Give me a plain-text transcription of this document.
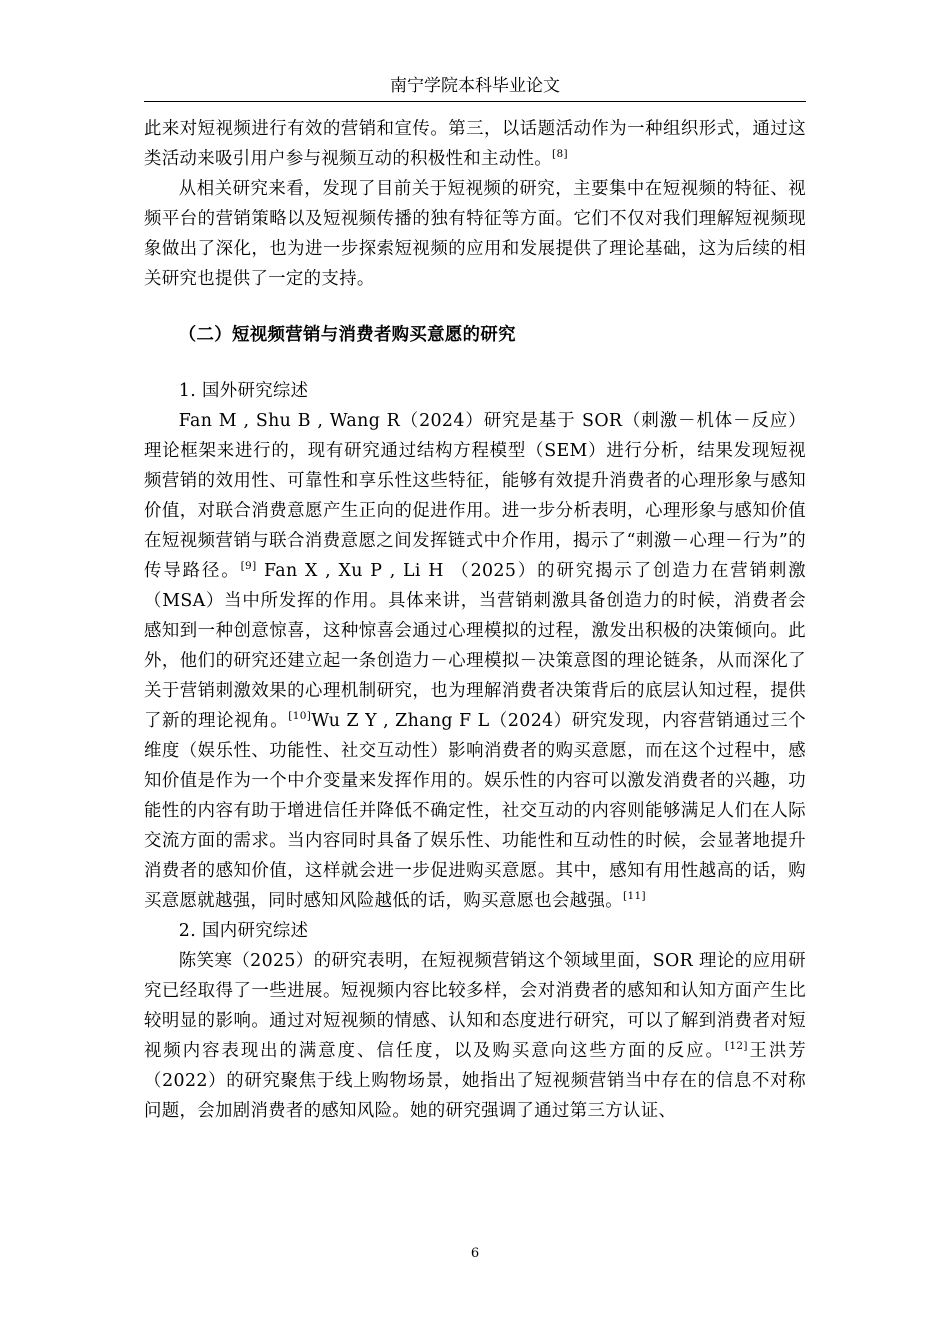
南宁学院本科毕业论文

此来对短视频进行有效的营销和宣传。第三，以话题活动作为一种组织形式，通过这类活动来吸引用户参与视频互动的积极性和主动性。[8]

从相关研究来看，发现了目前关于短视频的研究，主要集中在短视频的特征、视频平台的营销策略以及短视频传播的独有特征等方面。它们不仅对我们理解短视频现象做出了深化，也为进一步探索短视频的应用和发展提供了理论基础，这为后续的相关研究也提供了一定的支持。

（二）短视频营销与消费者购买意愿的研究

1. 国外研究综述

Fan M , Shu B , Wang R（2024）研究是基于 SOR（刺激－机体－反应）理论框架来进行的，现有研究通过结构方程模型（SEM）进行分析，结果发现短视频营销的效用性、可靠性和享乐性这些特征，能够有效提升消费者的心理形象与感知价值，对联合消费意愿产生正向的促进作用。进一步分析表明，心理形象与感知价值在短视频营销与联合消费意愿之间发挥链式中介作用，揭示了“刺激－心理－行为”的传导路径。[9] Fan X , Xu P , Li H （2025）的研究揭示了创造力在营销刺激（MSA）当中所发挥的作用。具体来讲，当营销刺激具备创造力的时候，消费者会感知到一种创意惊喜，这种惊喜会通过心理模拟的过程，激发出积极的决策倾向。此外，他们的研究还建立起一条创造力－心理模拟－决策意图的理论链条，从而深化了关于营销刺激效果的心理机制研究，也为理解消费者决策背后的底层认知过程，提供了新的理论视角。[10]Wu Z Y , Zhang F L（2024）研究发现，内容营销通过三个维度（娱乐性、功能性、社交互动性）影响消费者的购买意愿，而在这个过程中，感知价值是作为一个中介变量来发挥作用的。娱乐性的内容可以激发消费者的兴趣，功能性的内容有助于增进信任并降低不确定性，社交互动的内容则能够满足人们在人际交流方面的需求。当内容同时具备了娱乐性、功能性和互动性的时候，会显著地提升消费者的感知价值，这样就会进一步促进购买意愿。其中，感知有用性越高的话，购买意愿就越强，同时感知风险越低的话，购买意愿也会越强。[11]

2. 国内研究综述

陈笑寒（2025）的研究表明，在短视频营销这个领域里面，SOR 理论的应用研究已经取得了一些进展。短视频内容比较多样，会对消费者的感知和认知方面产生比较明显的影响。通过对短视频的情感、认知和态度进行研究，可以了解到消费者对短视频内容表现出的满意度、信任度，以及购买意向这些方面的反应。[12]王洪芳（2022）的研究聚焦于线上购物场景，她指出了短视频营销当中存在的信息不对称问题，会加剧消费者的感知风险。她的研究强调了通过第三方认证、

6
